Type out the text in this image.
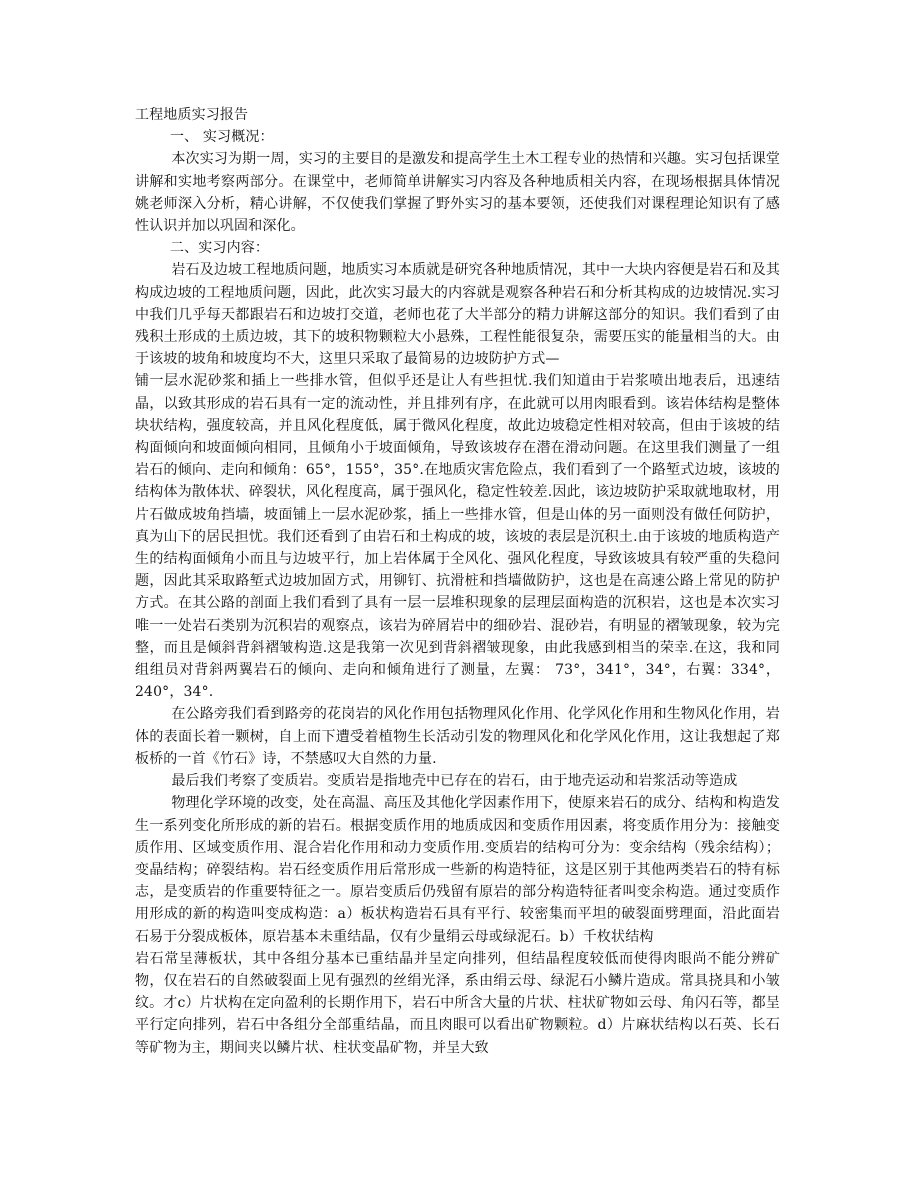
工程地质实习报告

一、 实习概况：

本次实习为期一周，实习的主要目的是激发和提高学生土木工程专业的热情和兴趣。实习包括课堂讲解和实地考察两部分。在课堂中，老师简单讲解实习内容及各种地质相关内容，在现场根据具体情况姚老师深入分析，精心讲解，不仅使我们掌握了野外实习的基本要领，还使我们对课程理论知识有了感性认识并加以巩固和深化。

二、实习内容：

岩石及边坡工程地质问题，地质实习本质就是研究各种地质情况，其中一大块内容便是岩石和及其构成边坡的工程地质问题，因此，此次实习最大的内容就是观察各种岩石和分析其构成的边坡情况.实习中我们几乎每天都跟岩石和边坡打交道，老师也花了大半部分的精力讲解这部分的知识。我们看到了由残积土形成的土质边坡，其下的坡积物颗粒大小悬殊，工程性能很复杂，需要压实的能量相当的大。由于该坡的坡角和坡度均不大，这里只采取了最简易的边坡防护方式—

铺一层水泥砂浆和插上一些排水管，但似乎还是让人有些担忧.我们知道由于岩浆喷出地表后，迅速结晶，以致其形成的岩石具有一定的流动性，并且排列有序，在此就可以用肉眼看到。该岩体结构是整体块状结构，强度较高，并且风化程度低，属于微风化程度，故此边坡稳定性相对较高，但由于该坡的结构面倾向和坡面倾向相同，且倾角小于坡面倾角，导致该坡存在潜在滑动问题。在这里我们测量了一组岩石的倾向、走向和倾角：65°，155°，35°.在地质灾害危险点，我们看到了一个路堑式边坡，该坡的结构体为散体状、碎裂状，风化程度高，属于强风化，稳定性较差.因此，该边坡防护采取就地取材，用片石做成坡角挡墙，坡面铺上一层水泥砂浆，插上一些排水管，但是山体的另一面则没有做任何防护，真为山下的居民担忧。我们还看到了由岩石和土构成的坡，该坡的表层是沉积土.由于该坡的地质构造产生的结构面倾角小而且与边坡平行，加上岩体属于全风化、强风化程度，导致该坡具有较严重的失稳问题，因此其采取路堑式边坡加固方式，用铆钉、抗滑桩和挡墙做防护，这也是在高速公路上常见的防护方式。在其公路的剖面上我们看到了具有一层一层堆积现象的层理层面构造的沉积岩，这也是本次实习唯一一处岩石类别为沉积岩的观察点，该岩为碎屑岩中的细砂岩、混砂岩，有明显的褶皱现象，较为完整，而且是倾斜背斜褶皱构造.这是我第一次见到背斜褶皱现象，由此我感到相当的荣幸.在这，我和同组组员对背斜两翼岩石的倾向、走向和倾角进行了测量，左翼： 73°，341°，34°，右翼：334°，240°，34°.

在公路旁我们看到路旁的花岗岩的风化作用包括物理风化作用、化学风化作用和生物风化作用，岩体的表面长着一颗树，自上而下遭受着植物生长活动引发的物理风化和化学风化作用，这让我想起了郑板桥的一首《竹石》诗，不禁感叹大自然的力量.

最后我们考察了变质岩。变质岩是指地壳中已存在的岩石，由于地壳运动和岩浆活动等造成

物理化学环境的改变，处在高温、高压及其他化学因素作用下，使原来岩石的成分、结构和构造发生一系列变化所形成的新的岩石。根据变质作用的地质成因和变质作用因素，将变质作用分为：接触变质作用、区域变质作用、混合岩化作用和动力变质作用.变质岩的结构可分为：变余结构（残余结构）；变晶结构；碎裂结构。岩石经变质作用后常形成一些新的构造特征，这是区别于其他两类岩石的特有标志，是变质岩的作重要特征之一。原岩变质后仍残留有原岩的部分构造特征者叫变余构造。通过变质作用形成的新的构造叫变成构造：a）板状构造岩石具有平行、较密集而平坦的破裂面劈理面，沿此面岩石易于分裂成板体，原岩基本未重结晶，仅有少量绢云母或绿泥石。b）千枚状结构

岩石常呈薄板状，其中各组分基本已重结晶并呈定向排列，但结晶程度较低而使得肉眼尚不能分辨矿物，仅在岩石的自然破裂面上见有强烈的丝绢光泽，系由绢云母、绿泥石小鳞片造成。常具挠具和小皱纹。才c）片状构在定向盈利的长期作用下，岩石中所含大量的片状、柱状矿物如云母、角闪石等，都呈平行定向排列，岩石中各组分全部重结晶，而且肉眼可以看出矿物颗粒。d）片麻状结构以石英、长石等矿物为主，期间夹以鳞片状、柱状变晶矿物，并呈大致
